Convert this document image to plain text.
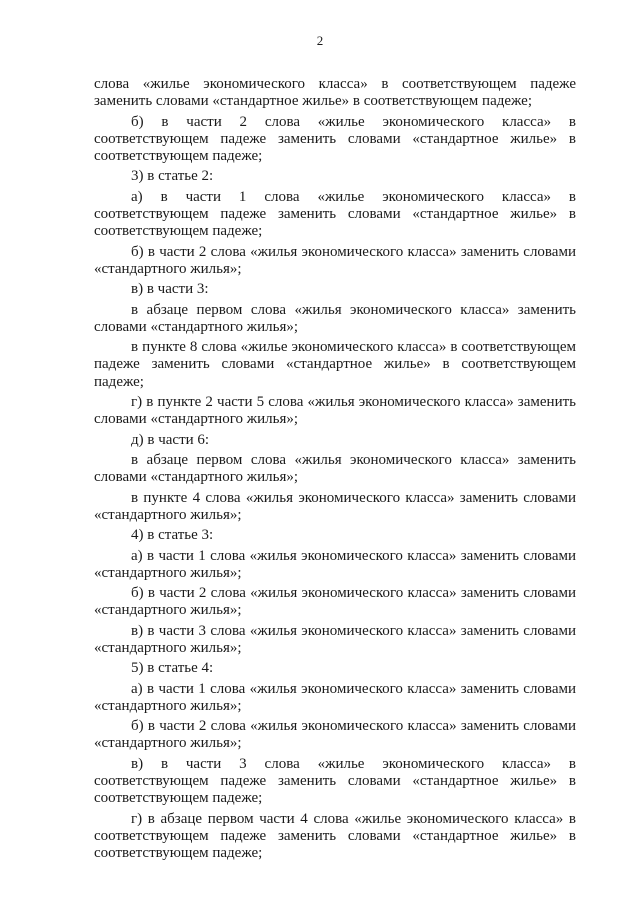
2

слова «жилье экономического класса» в соответствующем падеже заменить словами «стандартное жилье» в соответствующем падеже;

б) в части 2 слова «жилье экономического класса» в соответствующем падеже заменить словами «стандартное жилье» в соответствующем падеже;

3) в статье 2:

а) в части 1 слова «жилье экономического класса» в соответствующем падеже заменить словами «стандартное жилье» в соответствующем падеже;

б) в части 2 слова «жилья экономического класса» заменить словами «стандартного жилья»;

в) в части 3:

в абзаце первом слова «жилья экономического класса» заменить словами «стандартного жилья»;

в пункте 8 слова «жилье экономического класса» в соответствующем падеже заменить словами «стандартное жилье» в соответствующем падеже;

г) в пункте 2 части 5 слова «жилья экономического класса» заменить словами «стандартного жилья»;

д) в части 6:

в абзаце первом слова «жилья экономического класса» заменить словами «стандартного жилья»;

в пункте 4 слова «жилья экономического класса» заменить словами «стандартного жилья»;

4) в статье 3:

а) в части 1 слова «жилья экономического класса» заменить словами «стандартного жилья»;

б) в части 2 слова «жилья экономического класса» заменить словами «стандартного жилья»;

в) в части 3 слова «жилья экономического класса» заменить словами «стандартного жилья»;

5) в статье 4:

а) в части 1 слова «жилья экономического класса» заменить словами «стандартного жилья»;

б) в части 2 слова «жилья экономического класса» заменить словами «стандартного жилья»;

в) в части 3 слова «жилье экономического класса» в соответствующем падеже заменить словами «стандартное жилье» в соответствующем падеже;

г) в абзаце первом части 4 слова «жилье экономического класса» в соответствующем падеже заменить словами «стандартное жилье» в соответствующем падеже;
